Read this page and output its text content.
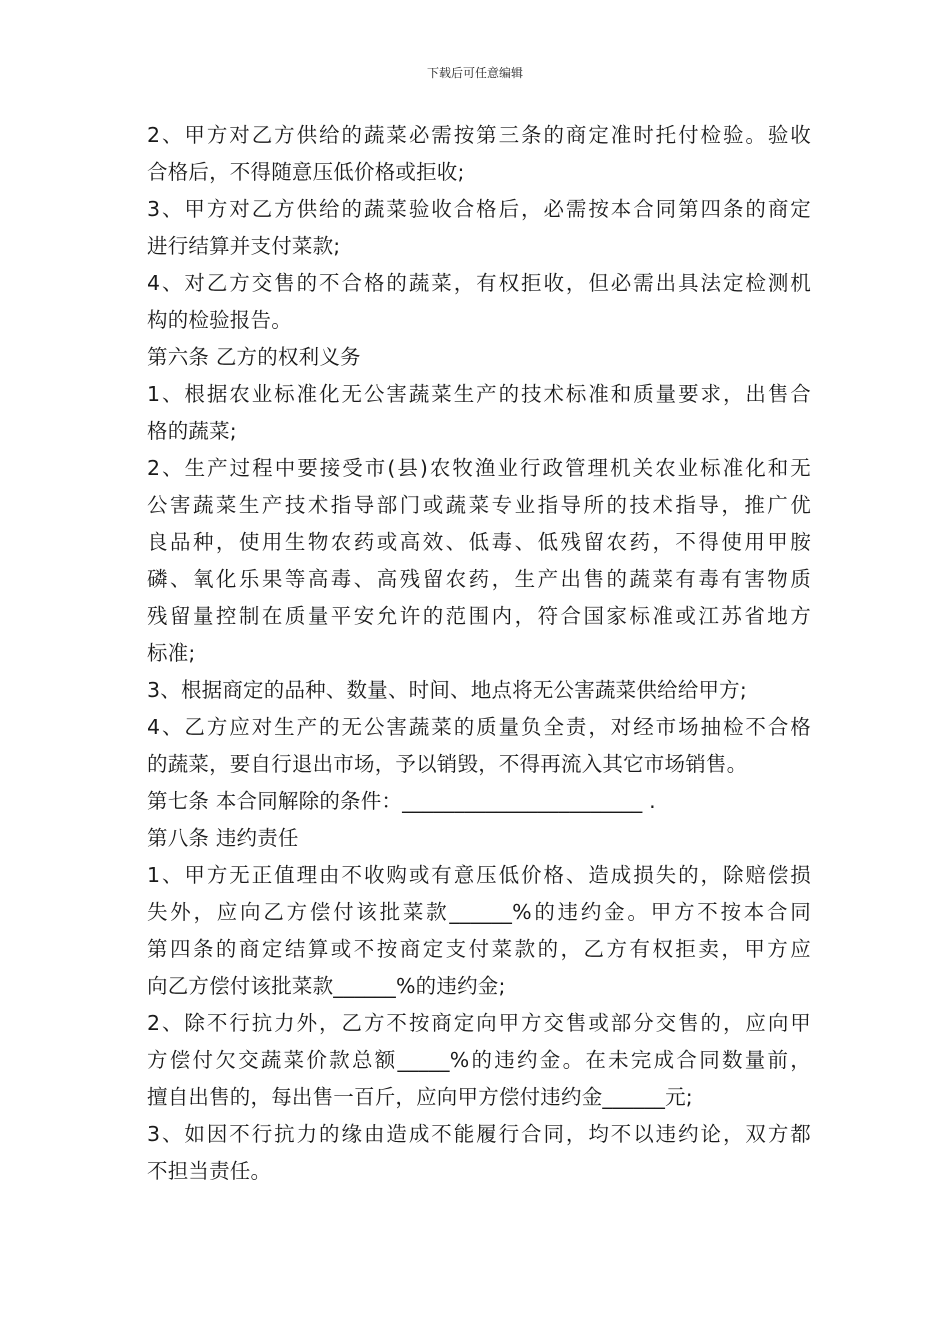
下载后可任意编辑
2、甲方对乙方供给的蔬菜必需按第三条的商定准时托付检验。验收
合格后，不得随意压低价格或拒收;
3、甲方对乙方供给的蔬菜验收合格后，必需按本合同第四条的商定
进行结算并支付菜款;
4、对乙方交售的不合格的蔬菜，有权拒收，但必需出具法定检测机
构的检验报告。
第六条 乙方的权利义务
1、根据农业标准化无公害蔬菜生产的技术标准和质量要求，出售合
格的蔬菜;
2、生产过程中要接受市(县)农牧渔业行政管理机关农业标准化和无
公害蔬菜生产技术指导部门或蔬菜专业指导所的技术指导，推广优
良品种，使用生物农药或高效、低毒、低残留农药，不得使用甲胺
磷、氧化乐果等高毒、高残留农药，生产出售的蔬菜有毒有害物质
残留量控制在质量平安允许的范围内，符合国家标准或江苏省地方
标准;
3、根据商定的品种、数量、时间、地点将无公害蔬菜供给给甲方;
4、乙方应对生产的无公害蔬菜的质量负全责，对经市场抽检不合格
的蔬菜，要自行退出市场，予以销毁，不得再流入其它市场销售。
第七条 本合同解除的条件：_______________________ .
第八条 违约责任
1、甲方无正值理由不收购或有意压低价格、造成损失的，除赔偿损
失外，应向乙方偿付该批菜款______%的违约金。甲方不按本合同
第四条的商定结算或不按商定支付菜款的，乙方有权拒卖，甲方应
向乙方偿付该批菜款______%的违约金;
2、除不行抗力外，乙方不按商定向甲方交售或部分交售的，应向甲
方偿付欠交蔬菜价款总额_____%的违约金。在未完成合同数量前，
擅自出售的，每出售一百斤，应向甲方偿付违约金______元;
3、如因不行抗力的缘由造成不能履行合同，均不以违约论，双方都
不担当责任。
